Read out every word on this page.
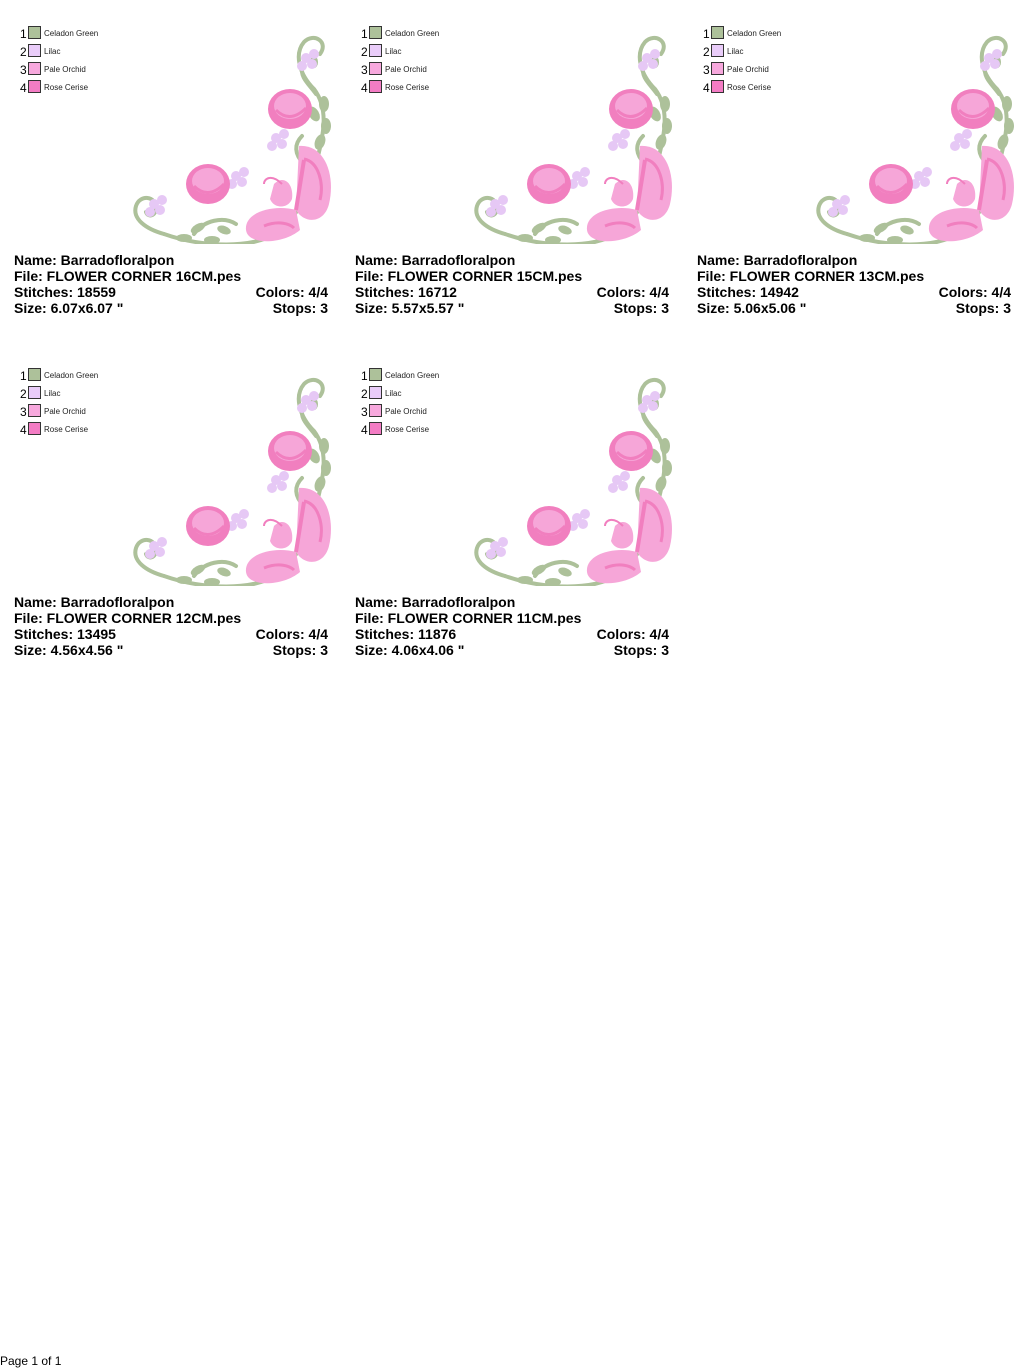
1 Celadon Green
2 Lilac
3 Pale Orchid
4 Rose Cerise
Name: Barradofloralpon
File: FLOWER CORNER 16CM.pes
Stitches: 18559	Colors: 4/4
Size: 6.07x6.07 "	Stops: 3
1 Celadon Green
2 Lilac
3 Pale Orchid
4 Rose Cerise
Name: Barradofloralpon
File: FLOWER CORNER 15CM.pes
Stitches: 16712	Colors: 4/4
Size: 5.57x5.57 "	Stops: 3
1 Celadon Green
2 Lilac
3 Pale Orchid
4 Rose Cerise
Name: Barradofloralpon
File: FLOWER CORNER 13CM.pes
Stitches: 14942	Colors: 4/4
Size: 5.06x5.06 "	Stops: 3
1 Celadon Green
2 Lilac
3 Pale Orchid
4 Rose Cerise
Name: Barradofloralpon
File: FLOWER CORNER 12CM.pes
Stitches: 13495	Colors: 4/4
Size: 4.56x4.56 "	Stops: 3
1 Celadon Green
2 Lilac
3 Pale Orchid
4 Rose Cerise
Name: Barradofloralpon
File: FLOWER CORNER 11CM.pes
Stitches: 11876	Colors: 4/4
Size: 4.06x4.06 "	Stops: 3
Page 1 of 1
